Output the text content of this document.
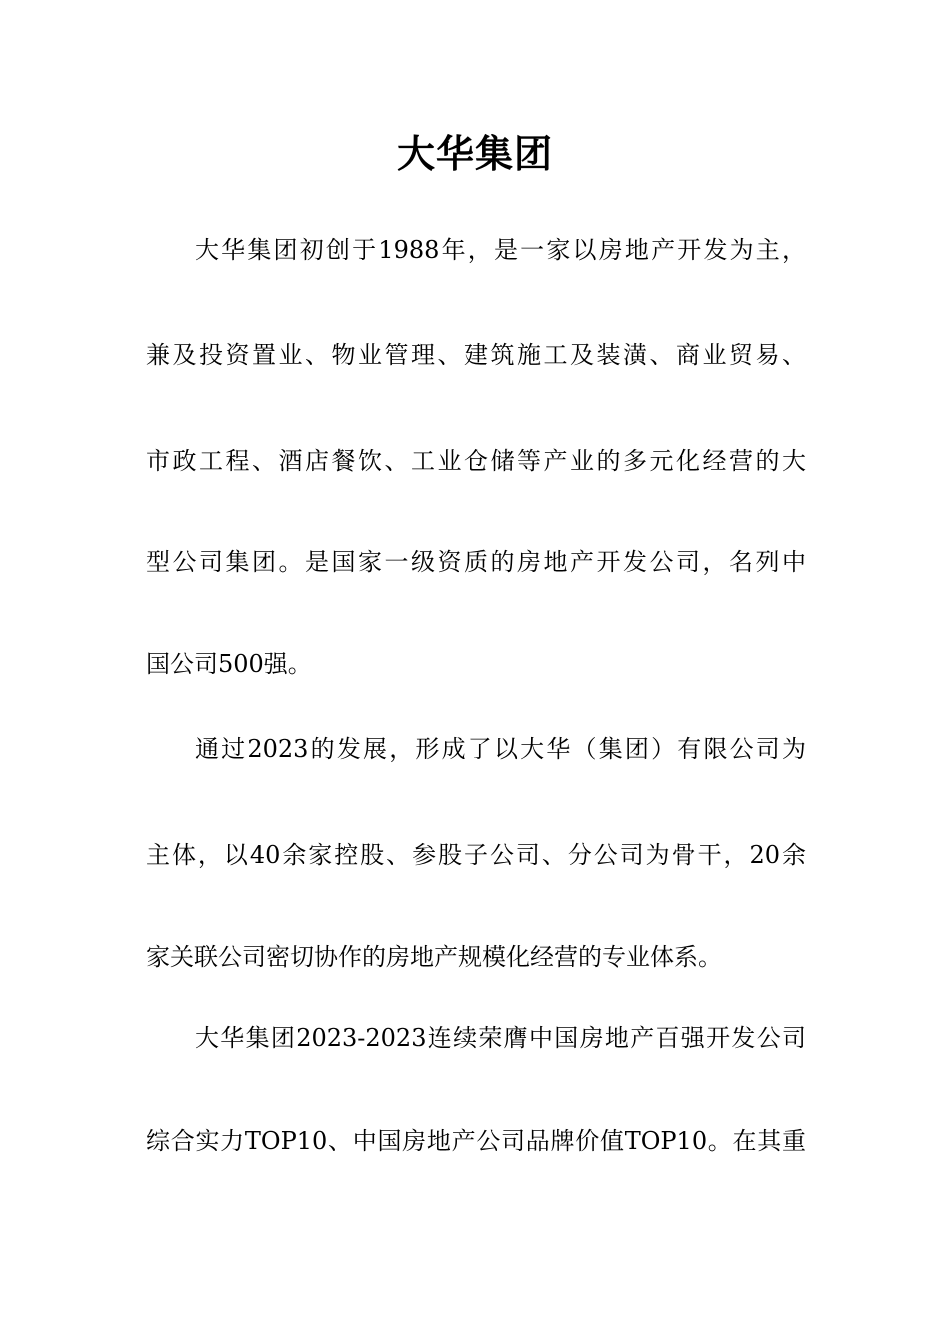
大华集团
大华集团初创于1988年，是一家以房地产开发为主，
兼及投资置业、物业管理、建筑施工及装潢、商业贸易、
市政工程、酒店餐饮、工业仓储等产业的多元化经营的大
型公司集团。是国家一级资质的房地产开发公司，名列中
国公司500强。
通过2023的发展，形成了以大华（集团）有限公司为
主体，以40余家控股、参股子公司、分公司为骨干，20余
家关联公司密切协作的房地产规模化经营的专业体系。
大华集团2023-2023连续荣膺中国房地产百强开发公司
综合实力TOP10、中国房地产公司品牌价值TOP10。在其重
